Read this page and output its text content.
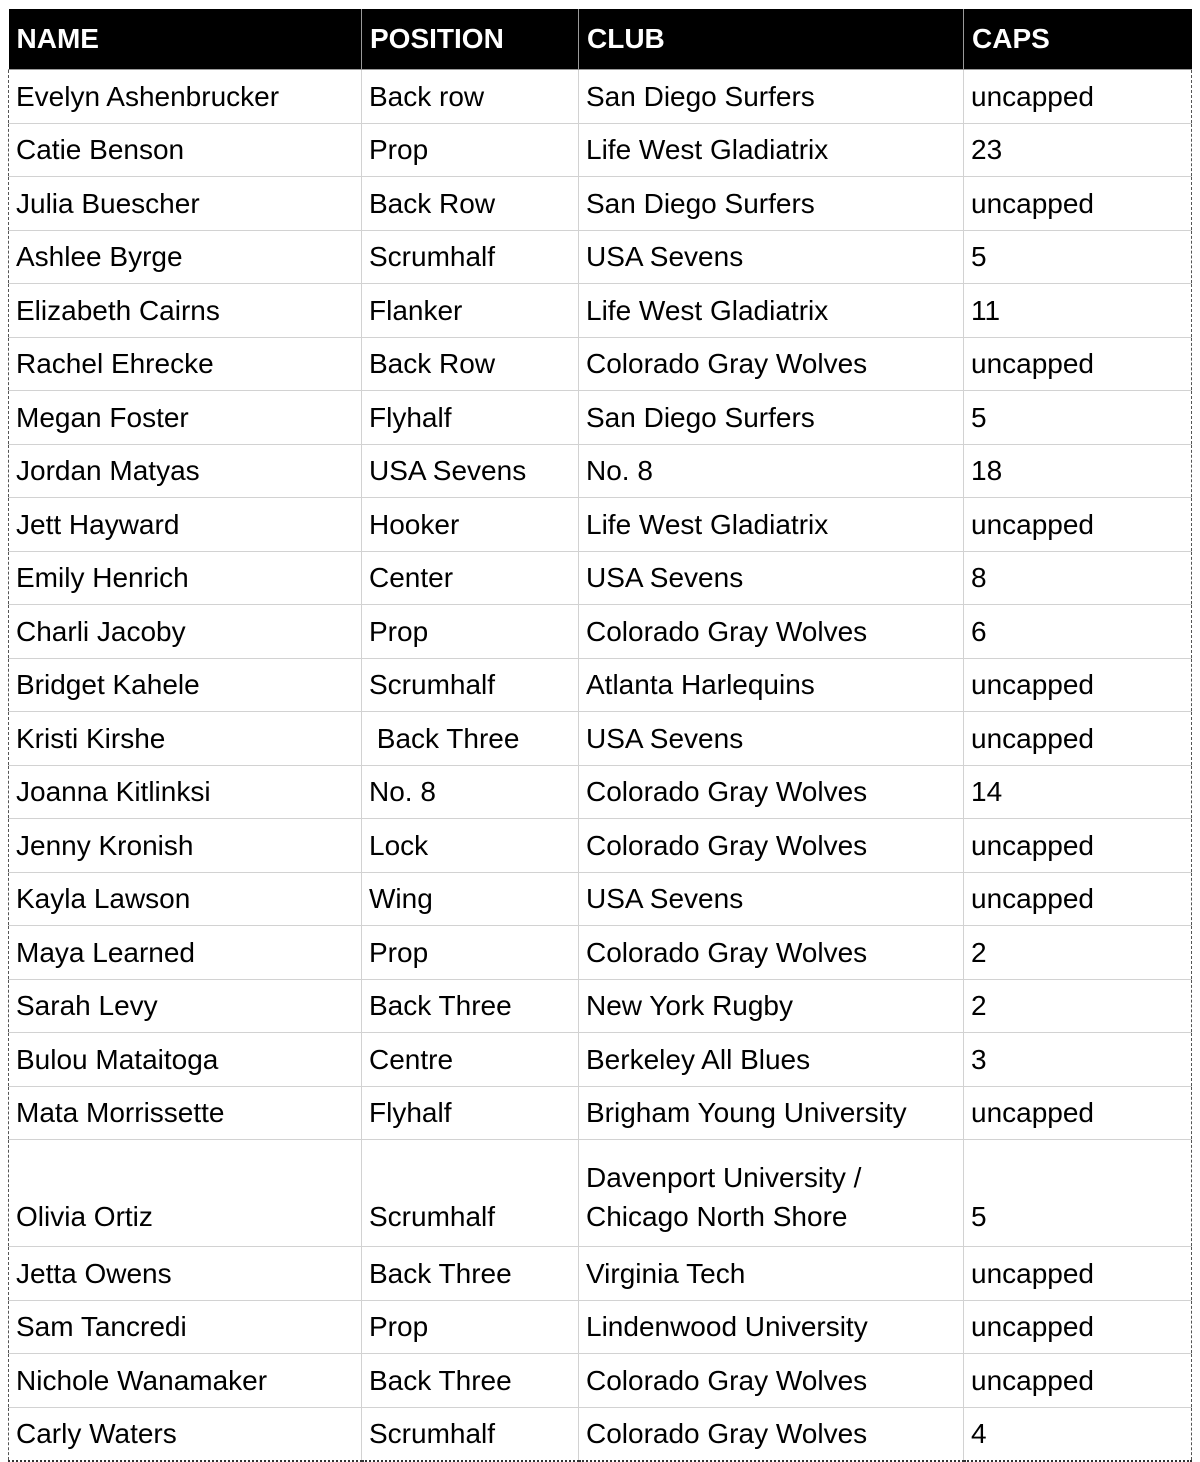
NAME	POSITION	CLUB	CAPS
Evelyn Ashenbrucker	Back row	San Diego Surfers	uncapped
Catie Benson	Prop	Life West Gladiatrix	23
Julia Buescher	Back Row	San Diego Surfers	uncapped
Ashlee Byrge	Scrumhalf	USA Sevens	5
Elizabeth Cairns	Flanker	Life West Gladiatrix	11
Rachel Ehrecke	Back Row	Colorado Gray Wolves	uncapped
Megan Foster	Flyhalf	San Diego Surfers	5
Jordan Matyas	USA Sevens	No. 8	18
Jett Hayward	Hooker	Life West Gladiatrix	uncapped
Emily Henrich	Center	USA Sevens	8
Charli Jacoby	Prop	Colorado Gray Wolves	6
Bridget Kahele	Scrumhalf	Atlanta Harlequins	uncapped
Kristi Kirshe	Back Three	USA Sevens	uncapped
Joanna Kitlinksi	No. 8	Colorado Gray Wolves	14
Jenny Kronish	Lock	Colorado Gray Wolves	uncapped
Kayla Lawson	Wing	USA Sevens	uncapped
Maya Learned	Prop	Colorado Gray Wolves	2
Sarah Levy	Back Three	New York Rugby	2
Bulou Mataitoga	Centre	Berkeley All Blues	3
Mata Morrissette	Flyhalf	Brigham Young University	uncapped
Olivia Ortiz	Scrumhalf	Davenport University / Chicago North Shore	5
Jetta Owens	Back Three	Virginia Tech	uncapped
Sam Tancredi	Prop	Lindenwood University	uncapped
Nichole Wanamaker	Back Three	Colorado Gray Wolves	uncapped
Carly Waters	Scrumhalf	Colorado Gray Wolves	4
